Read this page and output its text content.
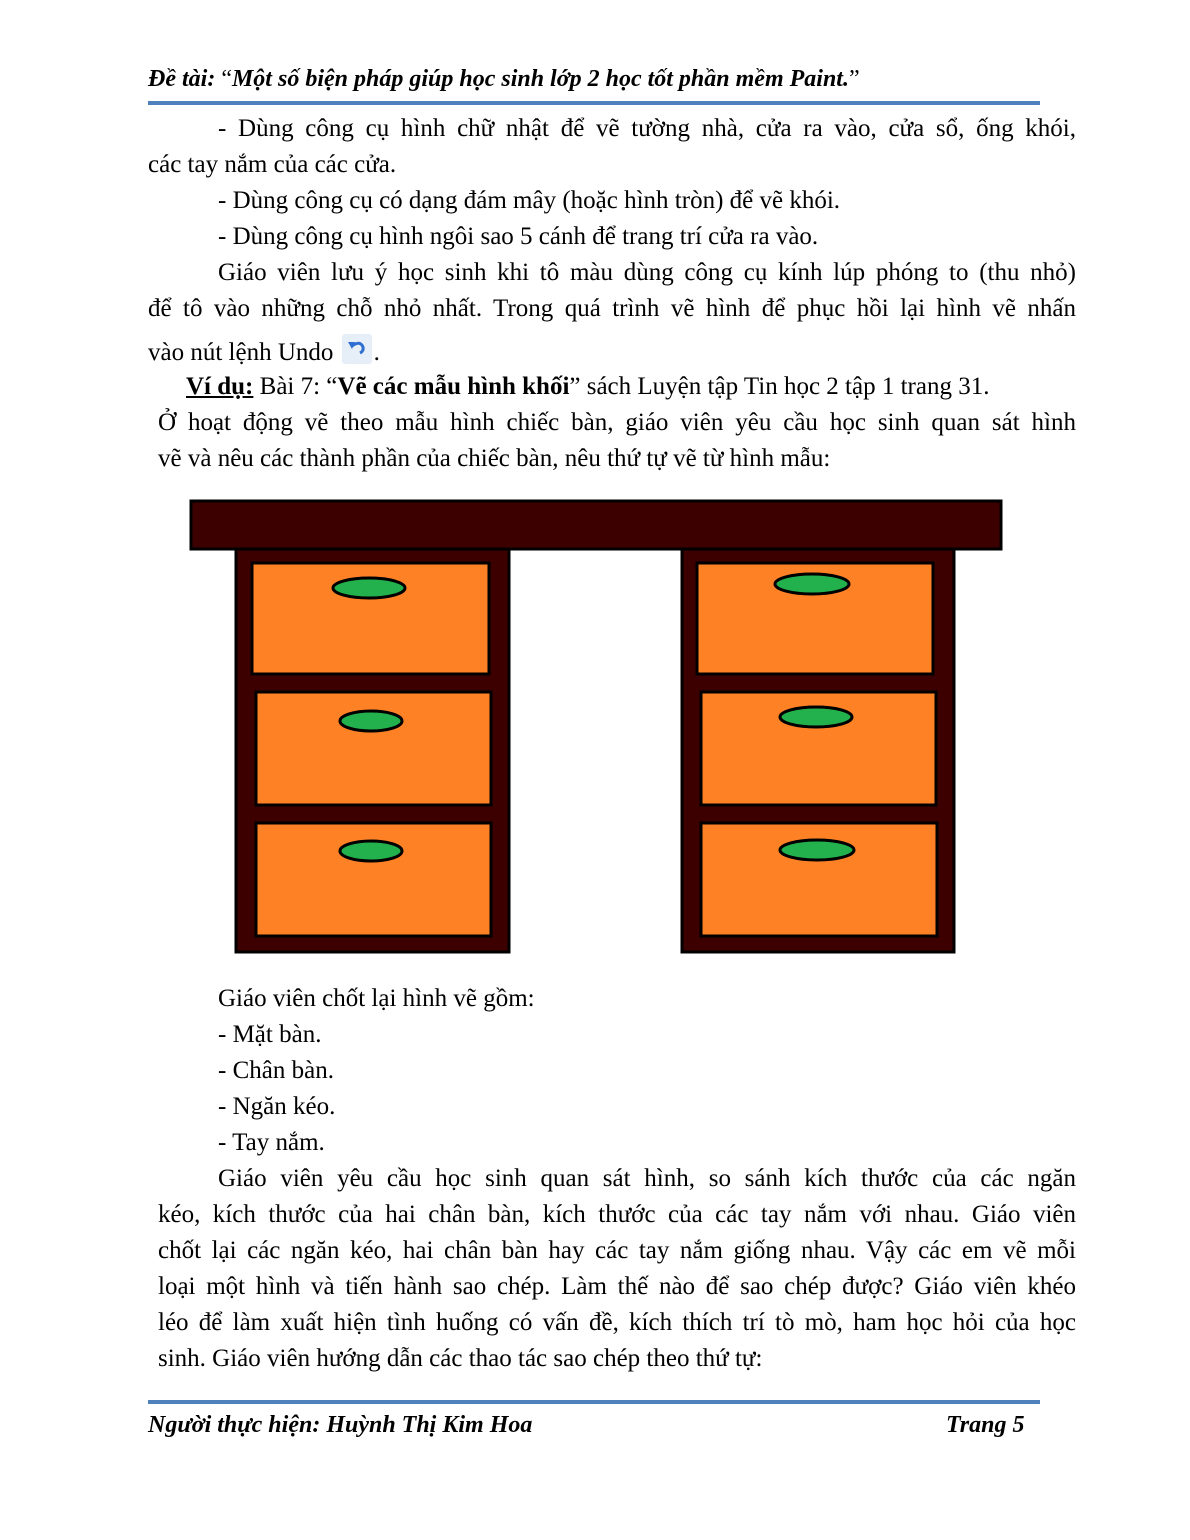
Đề tài: “Một số biện pháp giúp học sinh lớp 2 học tốt phần mềm Paint.”
- Dùng công cụ hình chữ nhật để vẽ tường nhà, cửa ra vào, cửa sổ, ống khói,
các tay nắm của các cửa.
- Dùng công cụ có dạng đám mây (hoặc hình tròn) để vẽ khói.
- Dùng công cụ hình ngôi sao 5 cánh để trang trí cửa ra vào.
Giáo viên lưu ý học sinh khi tô màu dùng công cụ kính lúp phóng to (thu nhỏ)
để tô vào những chỗ nhỏ nhất. Trong quá trình vẽ hình để phục hồi lại hình vẽ nhấn
vào nút lệnh Undo .
Ví dụ: Bài 7: “Vẽ các mẫu hình khối” sách Luyện tập Tin học 2 tập 1 trang 31.
Ở hoạt động vẽ theo mẫu hình chiếc bàn, giáo viên yêu cầu học sinh quan sát hình
vẽ và nêu các thành phần của chiếc bàn, nêu thứ tự vẽ từ hình mẫu:
Giáo viên chốt lại hình vẽ gồm:
- Mặt bàn.
- Chân bàn.
- Ngăn kéo.
- Tay nắm.
Giáo viên yêu cầu học sinh quan sát hình, so sánh kích thước của các ngăn
kéo, kích thước của hai chân bàn, kích thước của các tay nắm với nhau. Giáo viên
chốt lại các ngăn kéo, hai chân bàn hay các tay nắm giống nhau. Vậy các em vẽ mỗi
loại một hình và tiến hành sao chép. Làm thế nào để sao chép được? Giáo viên khéo
léo để làm xuất hiện tình huống có vấn đề, kích thích trí tò mò, ham học hỏi của học
sinh. Giáo viên hướng dẫn các thao tác sao chép theo thứ tự:
Người thực hiện: Huỳnh Thị Kim Hoa	Trang 5
